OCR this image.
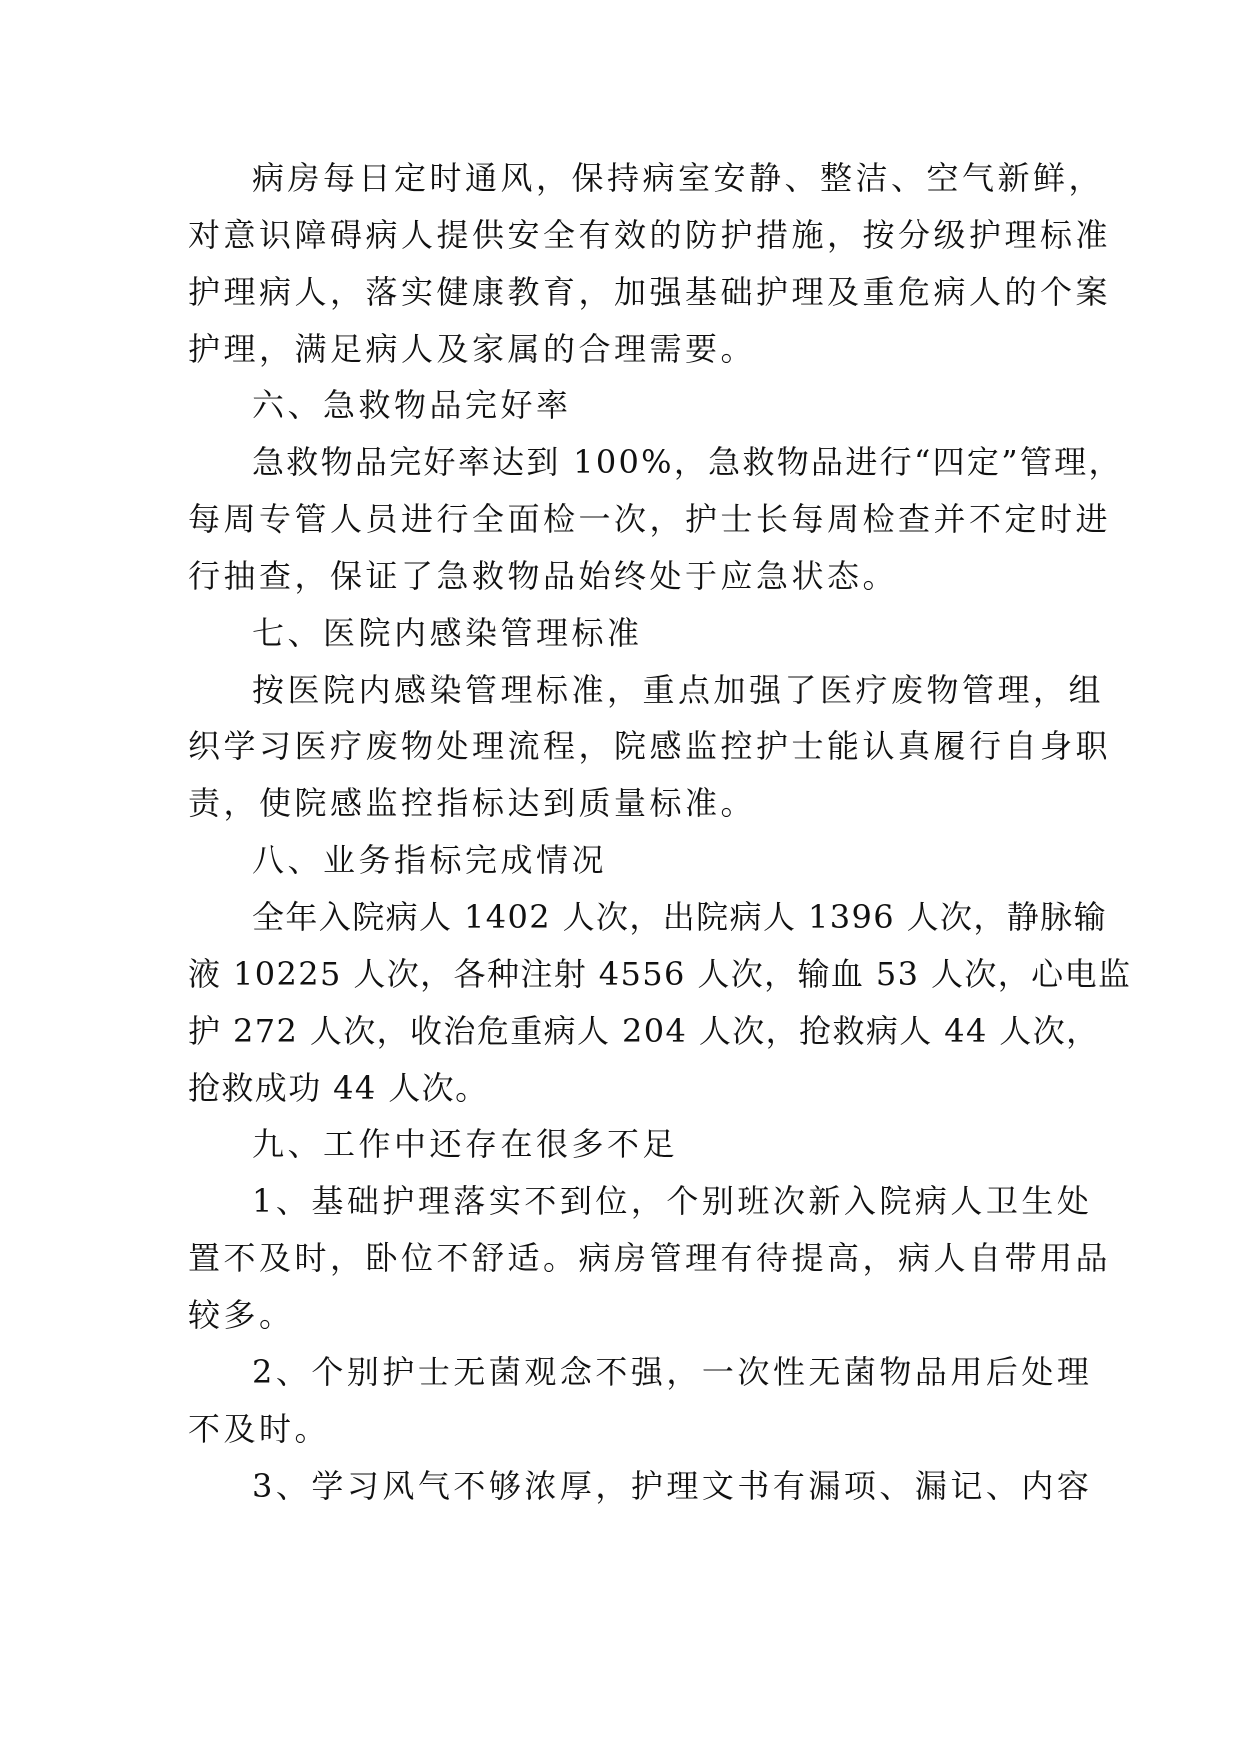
病房每日定时通风，保持病室安静、整洁、空气新鲜，
对意识障碍病人提供安全有效的防护措施，按分级护理标准
护理病人，落实健康教育，加强基础护理及重危病人的个案
护理，满足病人及家属的合理需要。
六、急救物品完好率
急救物品完好率达到 100%，急救物品进行“四定”管理，
每周专管人员进行全面检一次，护士长每周检查并不定时进
行抽查，保证了急救物品始终处于应急状态。
七、医院内感染管理标准
按医院内感染管理标准，重点加强了医疗废物管理，组
织学习医疗废物处理流程，院感监控护士能认真履行自身职
责，使院感监控指标达到质量标准。
八、业务指标完成情况
全年入院病人 1402 人次，出院病人 1396 人次，静脉输
液 10225 人次，各种注射 4556 人次，输血 53 人次，心电监
护 272 人次，收治危重病人 204 人次，抢救病人 44 人次，
抢救成功 44 人次。
九、工作中还存在很多不足
1、基础护理落实不到位，个别班次新入院病人卫生处
置不及时，卧位不舒适。病房管理有待提高，病人自带用品
较多。
2、个别护士无菌观念不强，一次性无菌物品用后处理
不及时。
3、学习风气不够浓厚，护理文书有漏项、漏记、内容
